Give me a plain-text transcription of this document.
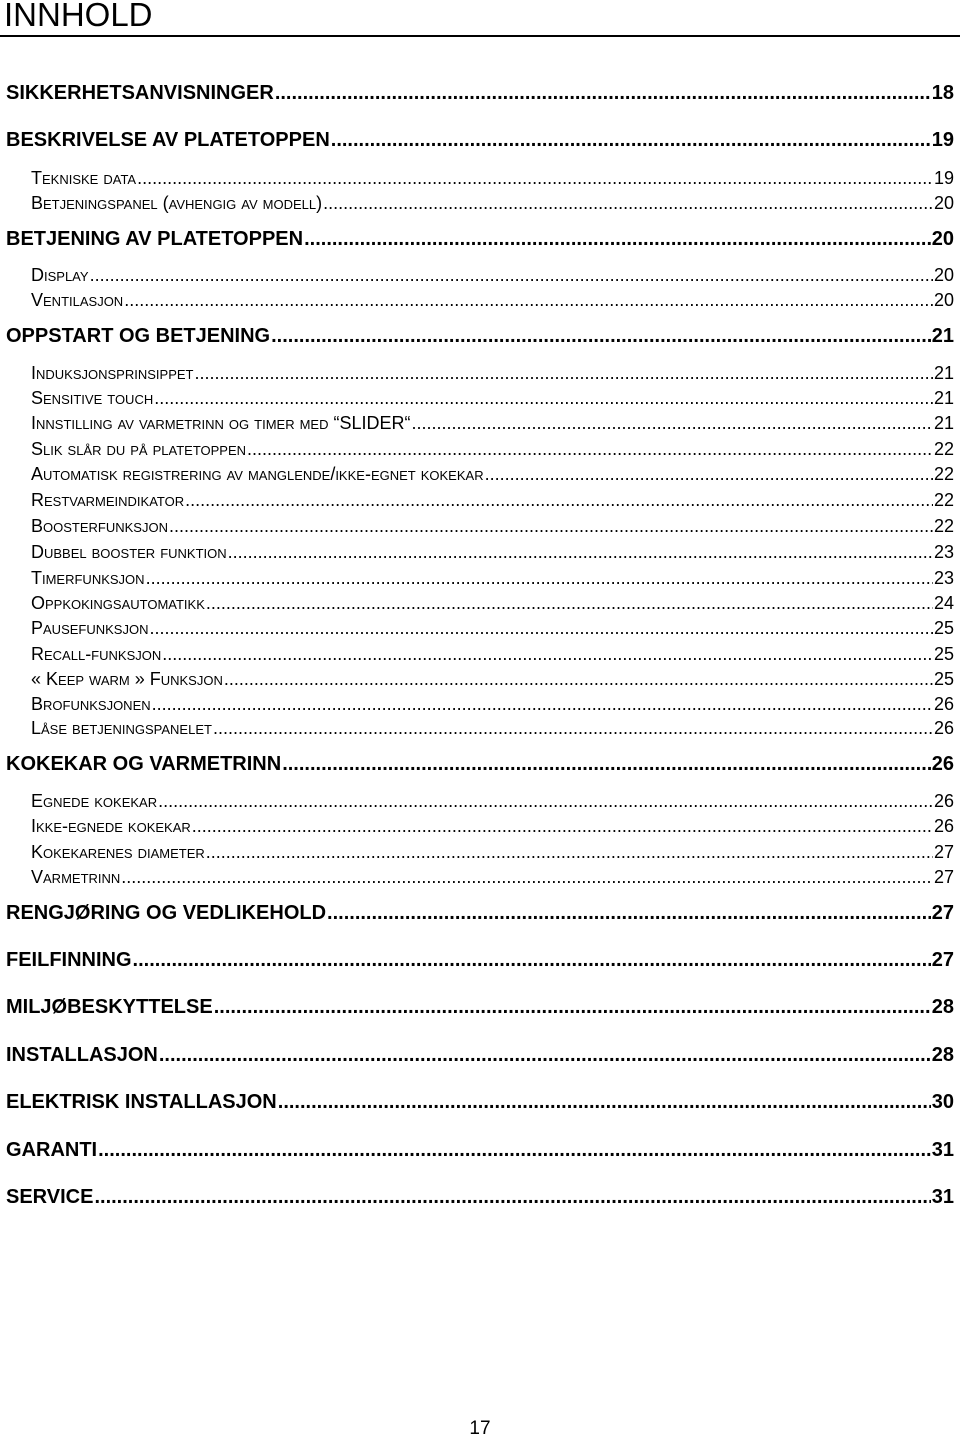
INNHOLD
SIKKERHETSANVISNINGER .....	18
BESKRIVELSE AV PLATETOPPEN .....	19
Tekniske data .....	19
Betjeningspanel (avhengig av modell) .....	20
BETJENING AV PLATETOPPEN .....	20
Display .....	20
Ventilasjon .....	20
OPPSTART OG BETJENING .....	21
Induksjonsprinsippet .....	21
Sensitive touch .....	21
Innstilling av varmetrinn og timer med “SLIDER“ .....	21
Slik slår du på platetoppen .....	22
Automatisk registrering av manglende/ikke-egnet kokekar .....	22
Restvarmeindikator .....	22
Boosterfunksjon .....	22
Dubbel booster funktion .....	23
Timerfunksjon .....	23
Oppkokingsautomatikk .....	24
Pausefunksjon .....	25
Recall-funksjon .....	25
« Keep warm » Funksjon .....	25
Brofunksjonen .....	26
Låse betjeningspanelet .....	26
KOKEKAR OG VARMETRINN .....	26
Egnede kokekar .....	26
Ikke-egnede kokekar .....	26
Kokekarenes diameter .....	27
Varmetrinn .....	27
RENGJØRING OG VEDLIKEHOLD .....	27
FEILFINNING .....	27
MILJØBESKYTTELSE .....	28
INSTALLASJON .....	28
ELEKTRISK INSTALLASJON .....	30
GARANTI .....	31
SERVICE .....	31
17
